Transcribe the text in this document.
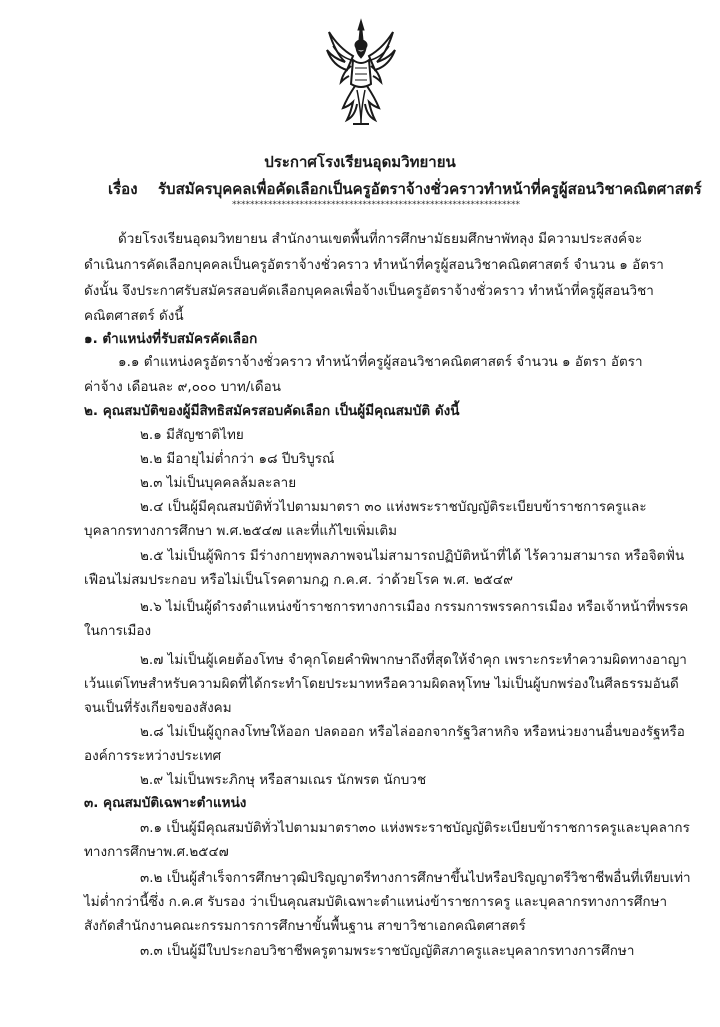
ประกาศโรงเรียนอุดมวิทยายน
เรื่อง รับสมัครบุคคลเพื่อคัดเลือกเป็นครูอัตราจ้างชั่วคราวทำหน้าที่ครูผู้สอนวิชาคณิตศาสตร์
****************************************************************
ด้วยโรงเรียนอุดมวิทยายน สำนักงานเขตพื้นที่การศึกษามัธยมศึกษาพัทลุง มีความประสงค์จะ
ดำเนินการคัดเลือกบุคคลเป็นครูอัตราจ้างชั่วคราว ทำหน้าที่ครูผู้สอนวิชาคณิตศาสตร์ จำนวน ๑ อัตรา
ดังนั้น จึงประกาศรับสมัครสอบคัดเลือกบุคคลเพื่อจ้างเป็นครูอัตราจ้างชั่วคราว ทำหน้าที่ครูผู้สอนวิชา
คณิตศาสตร์ ดังนี้
๑. ตำแหน่งที่รับสมัครคัดเลือก
๑.๑ ตำแหน่งครูอัตราจ้างชั่วคราว ทำหน้าที่ครูผู้สอนวิชาคณิตศาสตร์ จำนวน ๑ อัตรา อัตรา
ค่าจ้าง เดือนละ ๙,๐๐๐ บาท/เดือน
๒. คุณสมบัติของผู้มีสิทธิสมัครสอบคัดเลือก เป็นผู้มีคุณสมบัติ ดังนี้
๒.๑ มีสัญชาติไทย
๒.๒ มีอายุไม่ต่ำกว่า ๑๘ ปีบริบูรณ์
๒.๓ ไม่เป็นบุคคลล้มละลาย
๒.๔ เป็นผู้มีคุณสมบัติทั่วไปตามมาตรา ๓๐ แห่งพระราชบัญญัติระเบียบข้าราชการครูและ
บุคลากรทางการศึกษา พ.ศ.๒๕๔๗ และที่แก้ไขเพิ่มเติม
๒.๕ ไม่เป็นผู้พิการ มีร่างกายทุพลภาพจนไม่สามารถปฏิบัติหน้าที่ได้ ไร้ความสามารถ หรือจิตฟั่น
เฟือนไม่สมประกอบ หรือไม่เป็นโรคตามกฎ ก.ค.ศ. ว่าด้วยโรค พ.ศ. ๒๕๔๙
๒.๖ ไม่เป็นผู้ดำรงตำแหน่งข้าราชการทางการเมือง กรรมการพรรคการเมือง หรือเจ้าหน้าที่พรรค
ในการเมือง
๒.๗ ไม่เป็นผู้เคยต้องโทษ จำคุกโดยคำพิพากษาถึงที่สุดให้จำคุก เพราะกระทำความผิดทางอาญา
เว้นแต่โทษสำหรับความผิดที่ได้กระทำโดยประมาทหรือความผิดลหุโทษ ไม่เป็นผู้บกพร่องในศีลธรรมอันดี
จนเป็นที่รังเกียจของสังคม
๒.๘ ไม่เป็นผู้ถูกลงโทษให้ออก ปลดออก หรือไล่ออกจากรัฐวิสาหกิจ หรือหน่วยงานอื่นของรัฐหรือ
องค์การระหว่างประเทศ
๒.๙ ไม่เป็นพระภิกษุ หรือสามเณร นักพรต นักบวช
๓. คุณสมบัติเฉพาะตำแหน่ง
๓.๑ เป็นผู้มีคุณสมบัติทั่วไปตามมาตรา๓๐ แห่งพระราชบัญญัติระเบียบข้าราชการครูและบุคลากร
ทางการศึกษาพ.ศ.๒๕๔๗
๓.๒ เป็นผู้สำเร็จการศึกษาวุฒิปริญญาตรีทางการศึกษาขึ้นไปหรือปริญญาตรีวิชาชีพอื่นที่เทียบเท่า
ไม่ต่ำกว่านี้ซึ่ง ก.ค.ศ รับรอง ว่าเป็นคุณสมบัติเฉพาะตำแหน่งข้าราชการครู และบุคลากรทางการศึกษา
สังกัดสำนักงานคณะกรรมการการศึกษาขั้นพื้นฐาน สาขาวิชาเอกคณิตศาสตร์
๓.๓ เป็นผู้มีใบประกอบวิชาชีพครูตามพระราชบัญญัติสภาครูและบุคลากรทางการศึกษา
